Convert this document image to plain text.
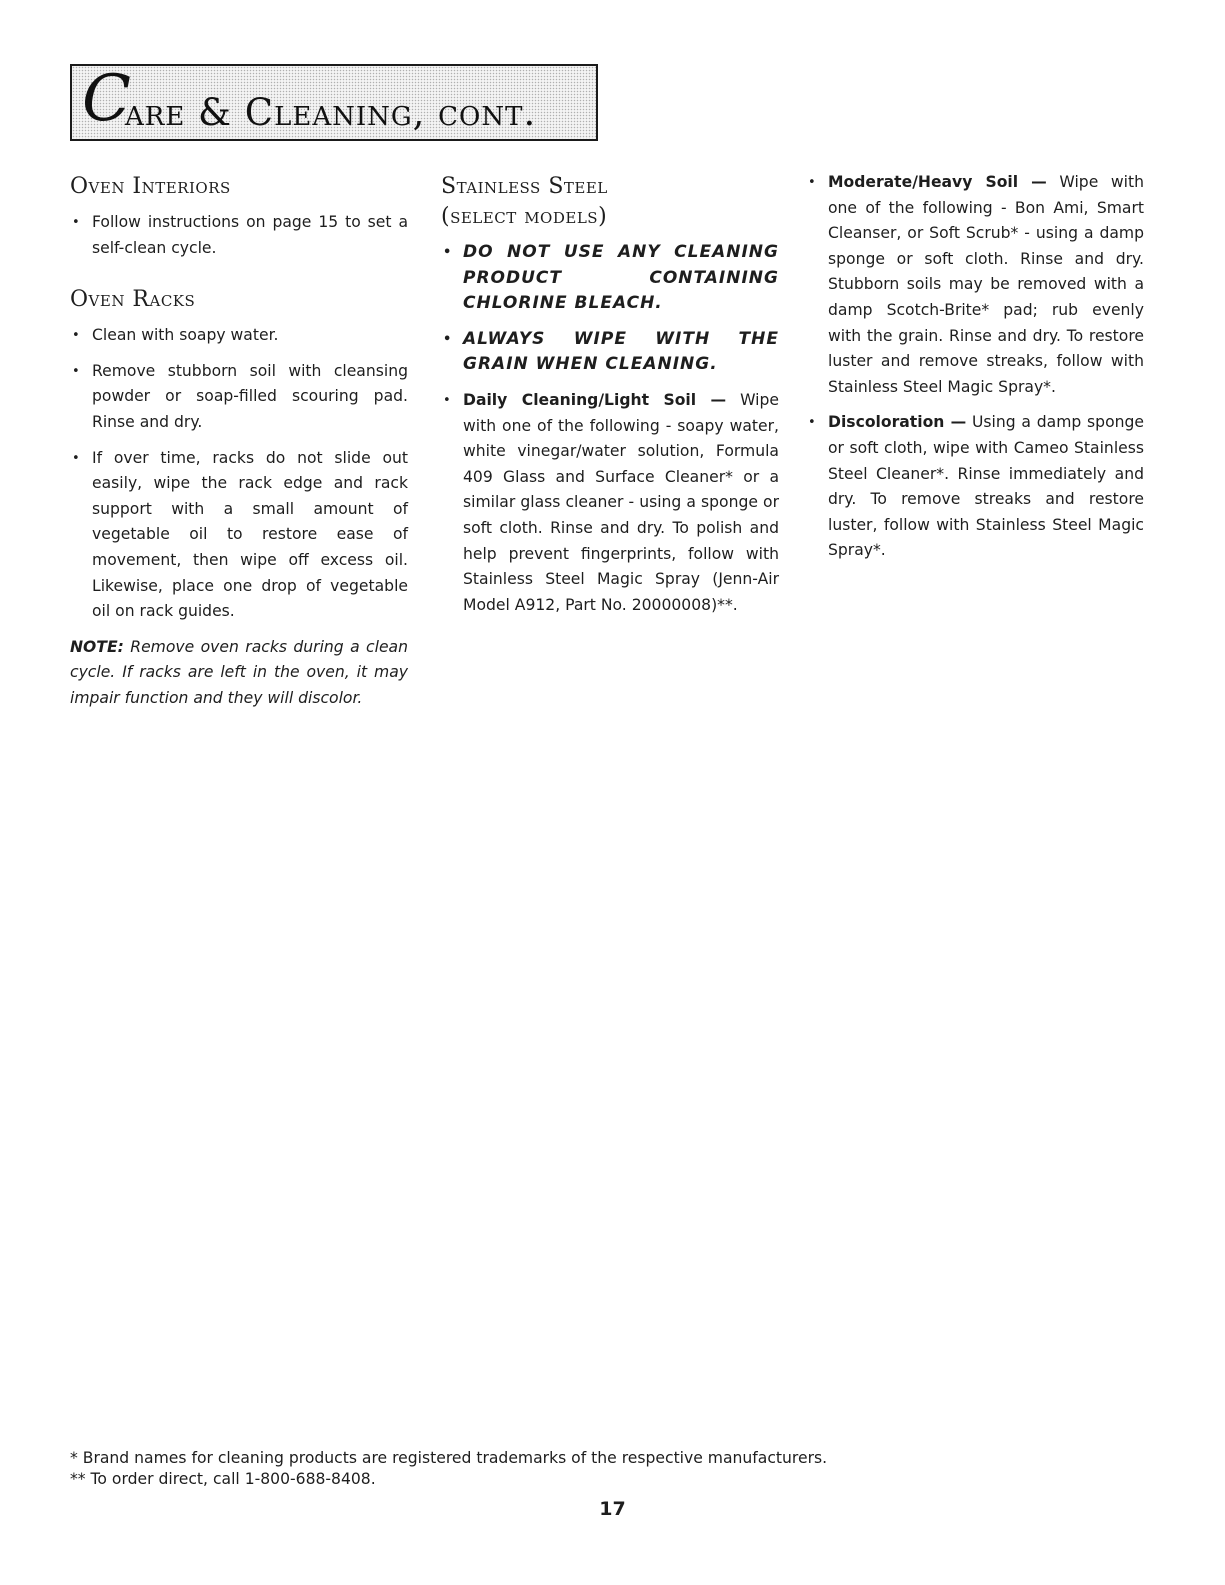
C
are & Cleaning, cont.
Oven Interiors
• Follow instructions on page 15 to set a self-clean cycle.
Oven Racks
• Clean with soapy water.
• Remove stubborn soil with cleansing powder or soap-filled scouring pad. Rinse and dry.
• If over time, racks do not slide out easily, wipe the rack edge and rack support with a small amount of vegetable oil to restore ease of movement, then wipe off excess oil. Likewise, place one drop of vegetable oil on rack guides.
NOTE: Remove oven racks during a clean cycle. If racks are left in the oven, it may impair function and they will discolor.
Stainless Steel
(select models)
• DO NOT USE ANY CLEANING PRODUCT CONTAINING CHLORINE BLEACH.
• ALWAYS WIPE WITH THE GRAIN WHEN CLEANING.
• Daily Cleaning/Light Soil — Wipe with one of the following - soapy water, white vinegar/water solution, Formula 409 Glass and Surface Cleaner* or a similar glass cleaner - using a sponge or soft cloth. Rinse and dry. To polish and help prevent fingerprints, follow with Stainless Steel Magic Spray (Jenn-Air Model A912, Part No. 20000008)**.
• Moderate/Heavy Soil — Wipe with one of the following - Bon Ami, Smart Cleanser, or Soft Scrub* - using a damp sponge or soft cloth. Rinse and dry. Stubborn soils may be removed with a damp Scotch-Brite* pad; rub evenly with the grain. Rinse and dry. To restore luster and remove streaks, follow with Stainless Steel Magic Spray*.
• Discoloration — Using a damp sponge or soft cloth, wipe with Cameo Stainless Steel Cleaner*. Rinse immediately and dry. To remove streaks and restore luster, follow with Stainless Steel Magic Spray*.
* Brand names for cleaning products are registered trademarks of the respective manufacturers.
** To order direct, call 1-800-688-8408.
17
